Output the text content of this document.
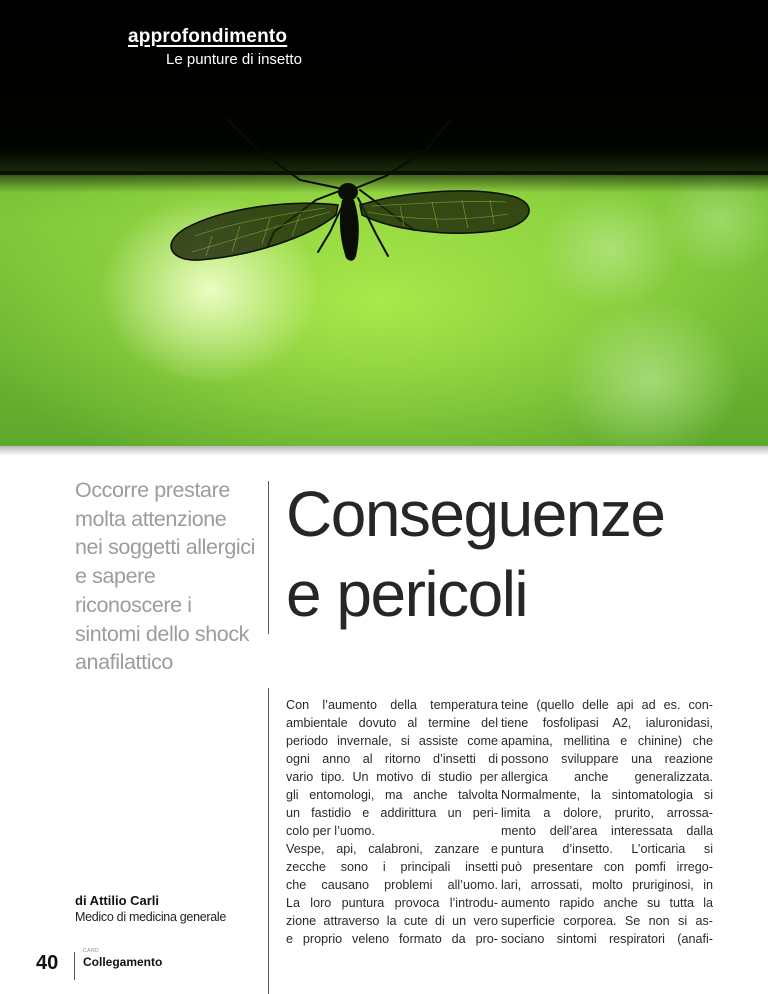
approfondimento
Le punture di insetto
Occorre prestare
molta attenzione
nei soggetti allergici
e sapere
riconoscere i
sintomi dello shock
anafilattico
Conseguenze
e pericoli
Con l’aumento della temperatura
ambientale dovuto al termine del
periodo invernale, si assiste come
ogni anno al ritorno d’insetti di
vario tipo. Un motivo di studio per
gli entomologi, ma anche talvolta
un fastidio e addirittura un peri-
colo per l’uomo.
Vespe, api, calabroni, zanzare e
zecche sono i principali insetti
che causano problemi all’uomo.
La loro puntura provoca l’introdu-
zione attraverso la cute di un vero
e proprio veleno formato da pro-
teine (quello delle api ad es. con-
tiene fosfolipasi A2, ialuronidasi,
apamina, mellitina e chinine) che
possono sviluppare una reazione
allergica anche generalizzata.
Normalmente, la sintomatologia si
limita a dolore, prurito, arrossa-
mento dell’area interessata dalla
puntura d’insetto. L’orticaria si
può presentare con pomfi irrego-
lari, arrossati, molto pruriginosi, in
aumento rapido anche su tutta la
superficie corporea. Se non si as-
sociano sintomi respiratori (anafi-
di Attilio Carli
Medico di medicina generale
40
CARD
Collegamento
